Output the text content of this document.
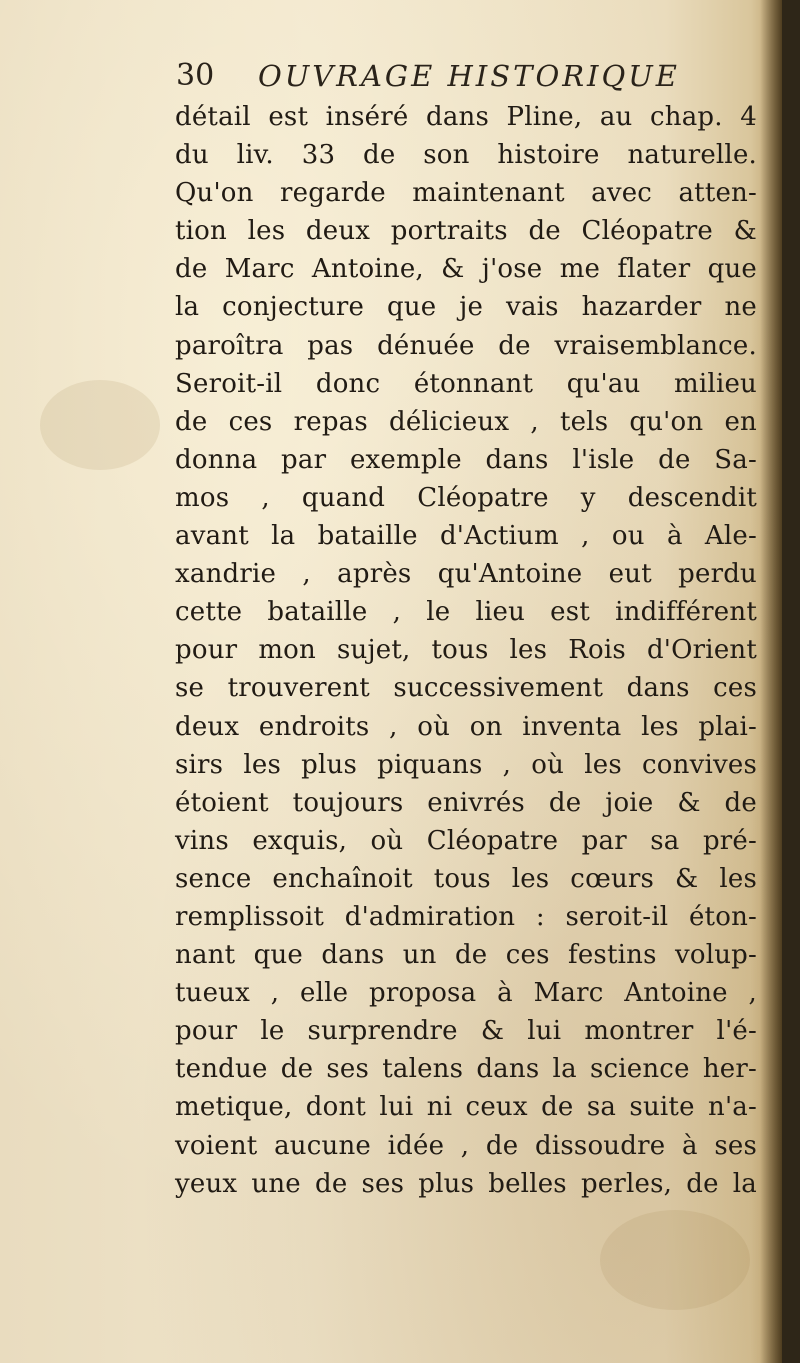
30 OUVRAGE HISTORIQUE
détail est inséré dans Pline, au chap. 4
du liv. 33 de son histoire naturelle.
Qu'on regarde maintenant avec atten-
tion les deux portraits de Cléopatre &
de Marc Antoine, & j'ose me flater que
la conjecture que je vais hazarder ne
paroîtra pas dénuée de vraisemblance.
Seroit-il donc étonnant qu'au milieu
de ces repas délicieux , tels qu'on en
donna par exemple dans l'isle de Sa-
mos , quand Cléopatre y descendit
avant la bataille d'Actium , ou à Ale-
xandrie , après qu'Antoine eut perdu
cette bataille , le lieu est indifférent
pour mon sujet, tous les Rois d'Orient
se trouverent successivement dans ces
deux endroits , où on inventa les plai-
sirs les plus piquans , où les convives
étoient toujours enivrés de joie & de
vins exquis, où Cléopatre par sa pré-
sence enchaînoit tous les cœurs & les
remplissoit d'admiration : seroit-il éton-
nant que dans un de ces festins volup-
tueux , elle proposa à Marc Antoine ,
pour le surprendre & lui montrer l'é-
tendue de ses talens dans la science her-
metique, dont lui ni ceux de sa suite n'a-
voient aucune idée , de dissoudre à ses
yeux une de ses plus belles perles, de la
